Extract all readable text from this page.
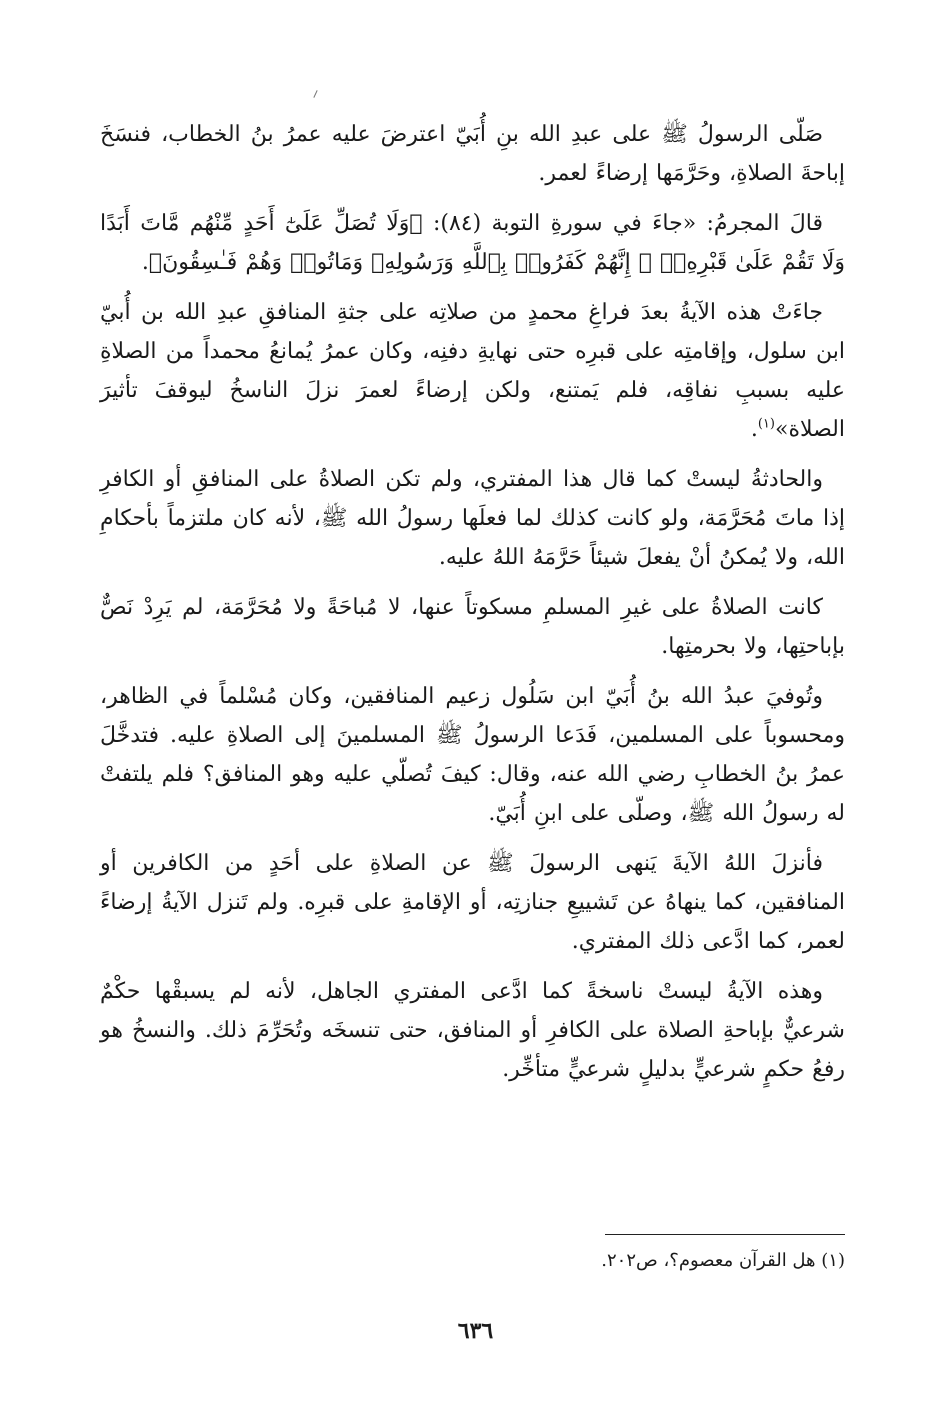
صَلّى الرسولُ ﷺ على عبدِ الله بنِ أُبَيّ اعترضَ عليه عمرُ بنُ الخطاب، فنسَخَ إباحةَ الصلاةِ، وحَرَّمَها إرضاءً لعمر.

قالَ المجرمُ: «جاءَ في سورةِ التوبة (٨٤): ﴿وَلَا تُصَلِّ عَلَىٰٓ أَحَدٍ مِّنْهُم مَّاتَ أَبَدًا وَلَا تَقُمْ عَلَىٰ قَبْرِهِۦٓ ۖ إِنَّهُمْ كَفَرُوا۟ بِٱللَّهِ وَرَسُولِهِۦ وَمَاتُوا۟ وَهُمْ فَـٰسِقُونَ﴾.

جاءَتْ هذه الآيةُ بعدَ فراغِ محمدٍ من صلاتِه على جثةِ المنافقِ عبدِ الله بن أُبيّ ابن سلول، وإقامتِه على قبرِه حتى نهايةِ دفنِه، وكان عمرُ يُمانعُ محمداً من الصلاةِ عليه بسببِ نفاقِه، فلم يَمتنع، ولكن إرضاءً لعمرَ نزلَ الناسخُ ليوقفَ تأثيرَ الصلاة»$^{(١)}$.

والحادثةُ ليستْ كما قال هذا المفتري، ولم تكن الصلاةُ على المنافقِ أو الكافرِ إذا ماتَ مُحَرَّمَة، ولو كانت كذلك لما فعلَها رسولُ الله ﷺ، لأنه كان ملتزماً بأحكامِ الله، ولا يُمكنُ أنْ يفعلَ شيئاً حَرَّمَهُ اللهُ عليه.

كانت الصلاةُ على غيرِ المسلمِ مسكوتاً عنها، لا مُباحَةً ولا مُحَرَّمَة، لم يَرِدْ نَصٌّ بإباحتِها، ولا بحرمتِها.

وتُوفيَ عبدُ الله بنُ أُبَيّ ابن سَلُول زعيم المنافقين، وكان مُسْلماً في الظاهر، ومحسوباً على المسلمين، فَدَعا الرسولُ ﷺ المسلمينَ إلى الصلاةِ عليه. فتدخَّلَ عمرُ بنُ الخطابِ رضي الله عنه، وقال: كيفَ تُصلّي عليه وهو المنافق؟ فلم يلتفتْ له رسولُ الله ﷺ، وصلّى على ابنِ أُبَيّ.

فأنزلَ اللهُ الآيةَ يَنهى الرسولَ ﷺ عن الصلاةِ على أحَدٍ من الكافرين أو المنافقين، كما ينهاهُ عن تَشييعِ جنازتِه، أو الإقامةِ على قبرِه. ولم تَنزل الآيةُ إرضاءً لعمر، كما ادَّعى ذلك المفتري.

وهذه الآيةُ ليستْ ناسخةً كما ادَّعى المفتري الجاهل، لأنه لم يسبقْها حكْمٌ شرعيٌّ بإباحةِ الصلاة على الكافرِ أو المنافق، حتى تنسخَه وتُحَرِّمَ ذلك. والنسخُ هو رفعُ حكمٍ شرعيٍّ بدليلٍ شرعيٍّ متأخِّر.

(١) هل القرآن معصوم؟، ص٢٠٢.
٦٣٦
